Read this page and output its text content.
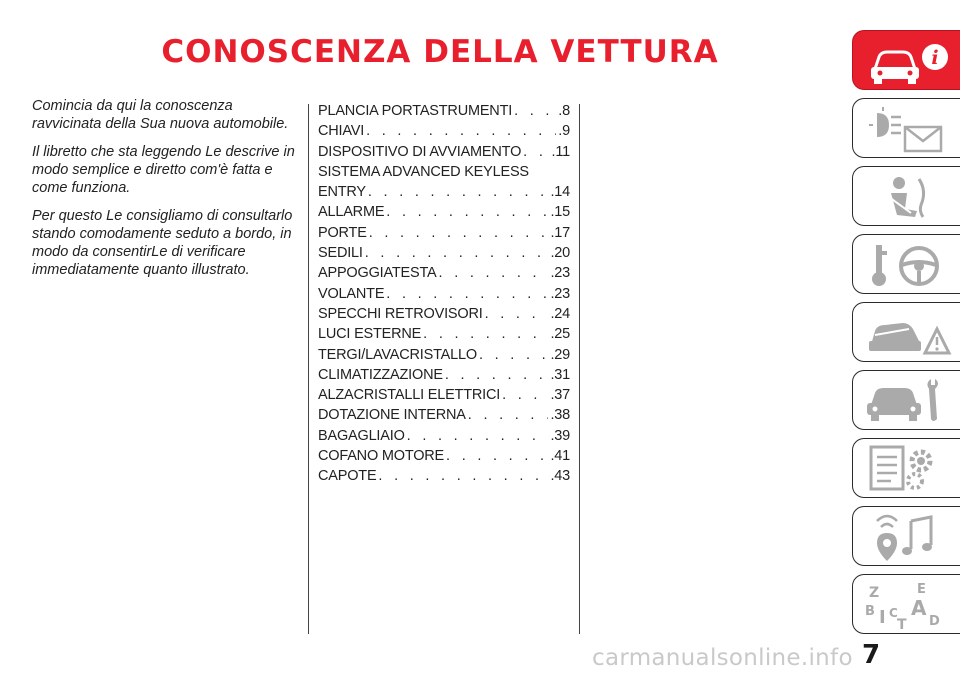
CONOSCENZA DELLA VETTURA

Comincia da qui la conoscenza ravvicinata della Sua nuova automobile.

Il libretto che sta leggendo Le descrive in modo semplice e diretto com'è fatta e come funziona.

Per questo Le consigliamo di consultarlo stando comodamente seduto a bordo, in modo da consentirLe di verificare immediatamente quanto illustrato.

PLANCIA PORTASTRUMENTI . . .	.8
CHIAVI . . .	.9
DISPOSITIVO DI AVVIAMENTO . . . .11
SISTEMA ADVANCED KEYLESS
ENTRY . . .	.14
ALLARME . . .	.15
PORTE . . .	.17
SEDILI . . .	.20
APPOGGIATESTA . . .	.23
VOLANTE . . .	.23
SPECCHI RETROVISORI . . .	.24
LUCI ESTERNE . . .	.25
TERGI/LAVACRISTALLO . . .	.29
CLIMATIZZAZIONE . . .	.31
ALZACRISTALLI ELETTRICI . . .	.37
DOTAZIONE INTERNA . . .	.38
BAGAGLIAIO . . .	.39
COFANO MOTORE . . .	.41
CAPOTE . . .	.43
i
Z	E
B A
I C
T D
7
carmanualsonline.info
